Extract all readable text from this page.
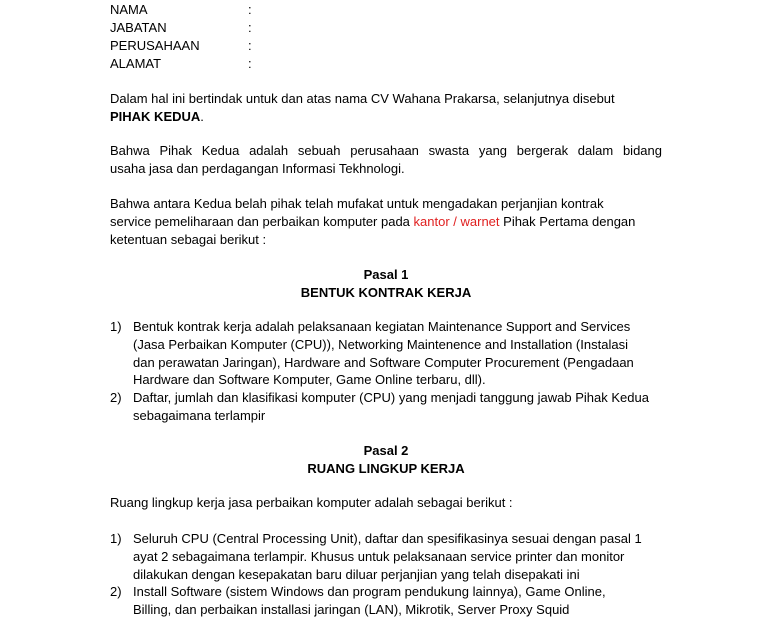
NAMA	:
JABATAN	:
PERUSAHAAN	:
ALAMAT	:

Dalam hal ini bertindak untuk dan atas nama CV Wahana Prakarsa, selanjutnya disebut
PIHAK KEDUA.

Bahwa Pihak Kedua adalah sebuah perusahaan swasta yang bergerak dalam bidang
usaha jasa dan perdagangan Informasi Tekhnologi.

Bahwa antara Kedua belah pihak telah mufakat untuk mengadakan perjanjian kontrak
service pemeliharaan dan perbaikan komputer pada kantor / warnet Pihak Pertama dengan
ketentuan sebagai berikut :

Pasal 1
BENTUK KONTRAK KERJA
1) Bentuk kontrak kerja adalah pelaksanaan kegiatan Maintenance Support and Services
(Jasa Perbaikan Komputer (CPU)), Networking Maintenence and Installation (Instalasi
dan perawatan Jaringan), Hardware and Software Computer Procurement (Pengadaan
Hardware dan Software Komputer, Game Online terbaru, dll).
2) Daftar, jumlah dan klasifikasi komputer (CPU) yang menjadi tanggung jawab Pihak Kedua
sebagaimana terlampir
Pasal 2
RUANG LINGKUP KERJA

Ruang lingkup kerja jasa perbaikan komputer adalah sebagai berikut :

1) Seluruh CPU (Central Processing Unit), daftar dan spesifikasinya sesuai dengan pasal 1
ayat 2 sebagaimana terlampir. Khusus untuk pelaksanaan service printer dan monitor
dilakukan dengan kesepakatan baru diluar perjanjian yang telah disepakati ini
2) Install Software (sistem Windows dan program pendukung lainnya), Game Online,
Billing, dan perbaikan installasi jaringan (LAN), Mikrotik, Server Proxy Squid
